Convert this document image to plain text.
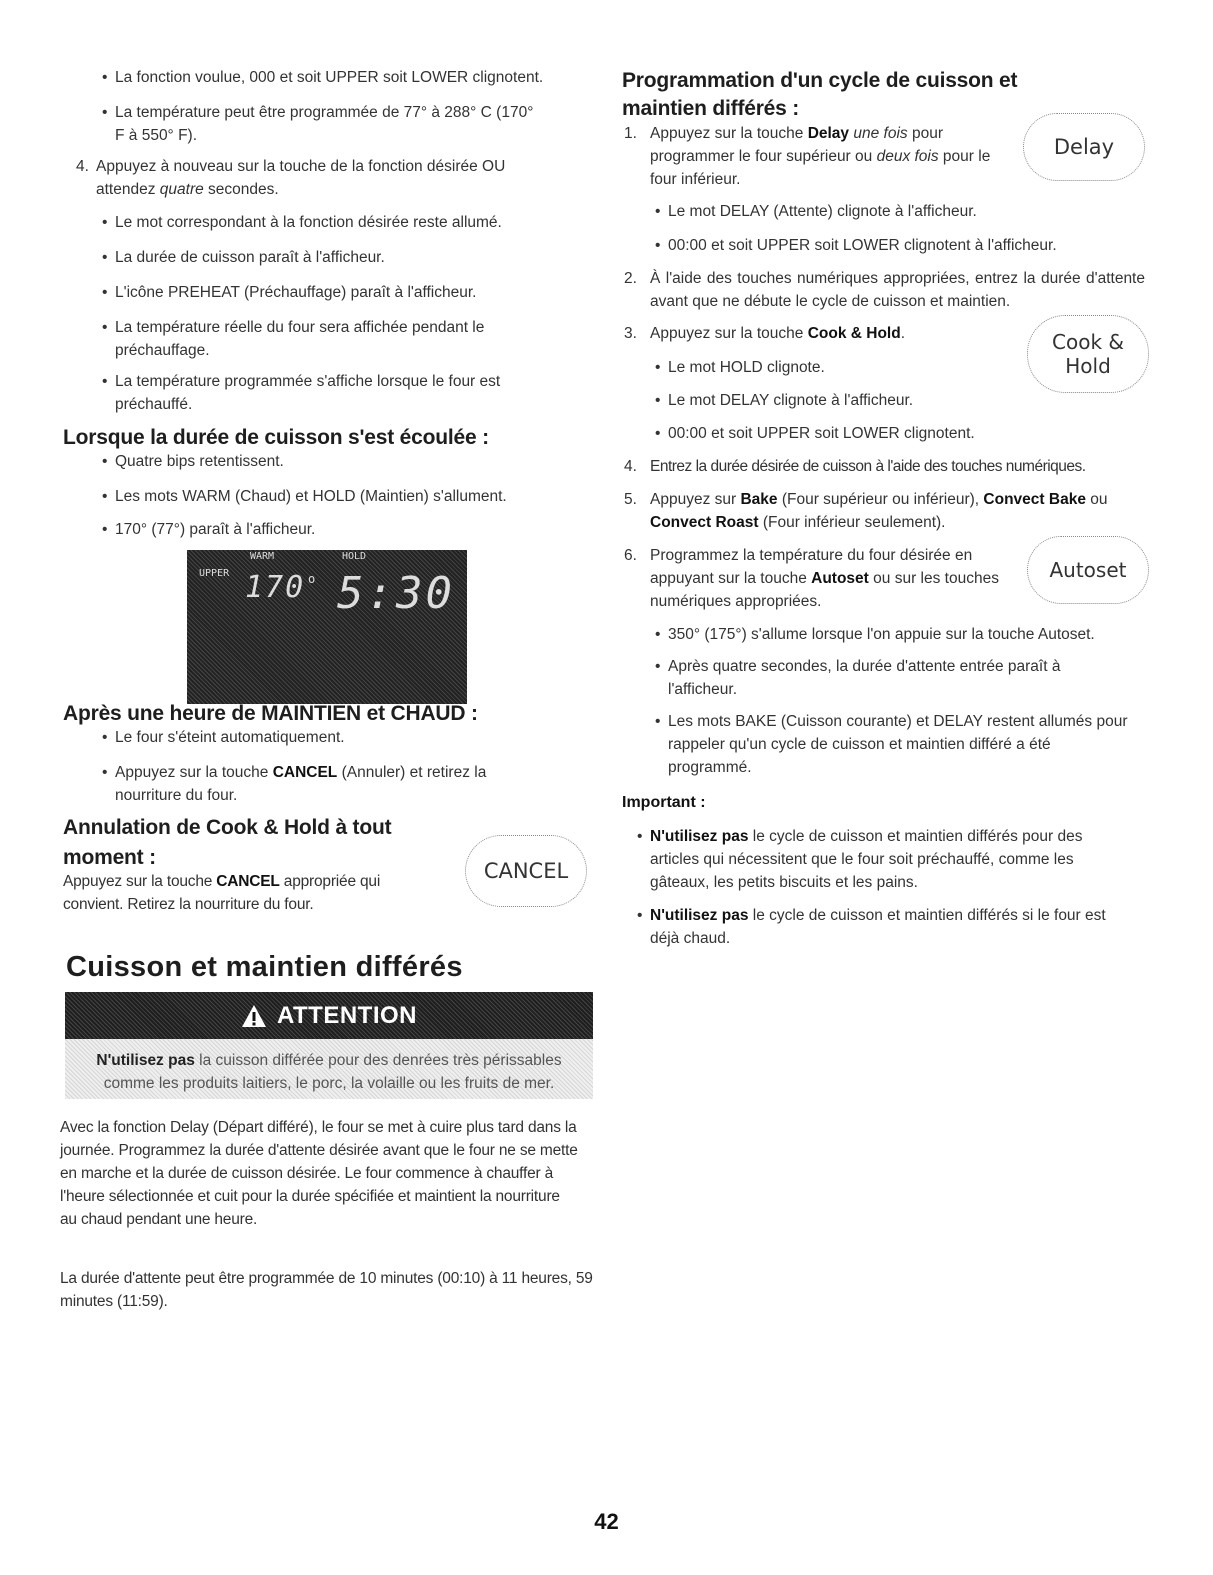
• La fonction voulue, 000 et soit UPPER soit LOWER clignotent.
• La température peut être programmée de 77° à 288° C (170° F à 550° F).
4. Appuyez à nouveau sur la touche de la fonction désirée OU attendez quatre secondes.
• Le mot correspondant à la fonction désirée reste allumé.
• La durée de cuisson paraît à l'afficheur.
• L'icône PREHEAT (Préchauffage) paraît à l'afficheur.
• La température réelle du four sera affichée pendant le préchauffage.
• La température programmée s'affiche lorsque le four est préchauffé.
Lorsque la durée de cuisson s'est écoulée :
• Quatre bips retentissent.
• Les mots WARM (Chaud) et HOLD (Maintien) s'allument.
• 170° (77°) paraît à l'afficheur.
WARM	HOLD
UPPER 170 o 5:30
Après une heure de MAINTIEN et CHAUD :
• Le four s'éteint automatiquement.
• Appuyez sur la touche CANCEL (Annuler) et retirez la nourriture du four.
Annulation de Cook & Hold à tout
moment :
Appuyez sur la touche CANCEL appropriée qui convient. Retirez la nourriture du four.
CANCEL
Cuisson et maintien différés
ATTENTION
N'utilisez pas la cuisson différée pour des denrées très périssables
comme les produits laitiers, le porc, la volaille ou les fruits de mer.
Avec la fonction Delay (Départ différé), le four se met à cuire plus tard dans la journée. Programmez la durée d'attente désirée avant que le four ne se mette en marche et la durée de cuisson désirée. Le four commence à chauffer à l'heure sélectionnée et cuit pour la durée spécifiée et maintient la nourriture au chaud pendant une heure.
La durée d'attente peut être programmée de 10 minutes (00:10) à 11 heures, 59 minutes (11:59).
Programmation d'un cycle de cuisson et
maintien différés :
1. Appuyez sur la touche Delay une fois pour programmer le four supérieur ou deux fois pour le four inférieur.
Delay
• Le mot DELAY (Attente) clignote à l'afficheur.
• 00:00 et soit UPPER soit LOWER clignotent à l'afficheur.
2. À l'aide des touches numériques appropriées, entrez la durée d'attente avant que ne débute le cycle de cuisson et maintien.
3. Appuyez sur la touche Cook & Hold.	Cook &
Hold
• Le mot HOLD clignote.
• Le mot DELAY clignote à l'afficheur.
• 00:00 et soit UPPER soit LOWER clignotent.
4. Entrez la durée désirée de cuisson à l'aide des touches numériques.
5. Appuyez sur Bake (Four supérieur ou inférieur), Convect Bake ou Convect Roast (Four inférieur seulement).
6. Programmez la température du four désirée en appuyant sur la touche Autoset ou sur les touches numériques appropriées.
Autoset
• 350° (175°) s'allume lorsque l'on appuie sur la touche Autoset.
• Après quatre secondes, la durée d'attente entrée paraît à l'afficheur.
• Les mots BAKE (Cuisson courante) et DELAY restent allumés pour rappeler qu'un cycle de cuisson et maintien différé a été programmé.
Important :
• N'utilisez pas le cycle de cuisson et maintien différés pour des articles qui nécessitent que le four soit préchauffé, comme les gâteaux, les petits biscuits et les pains.
• N'utilisez pas le cycle de cuisson et maintien différés si le four est déjà chaud.
42
